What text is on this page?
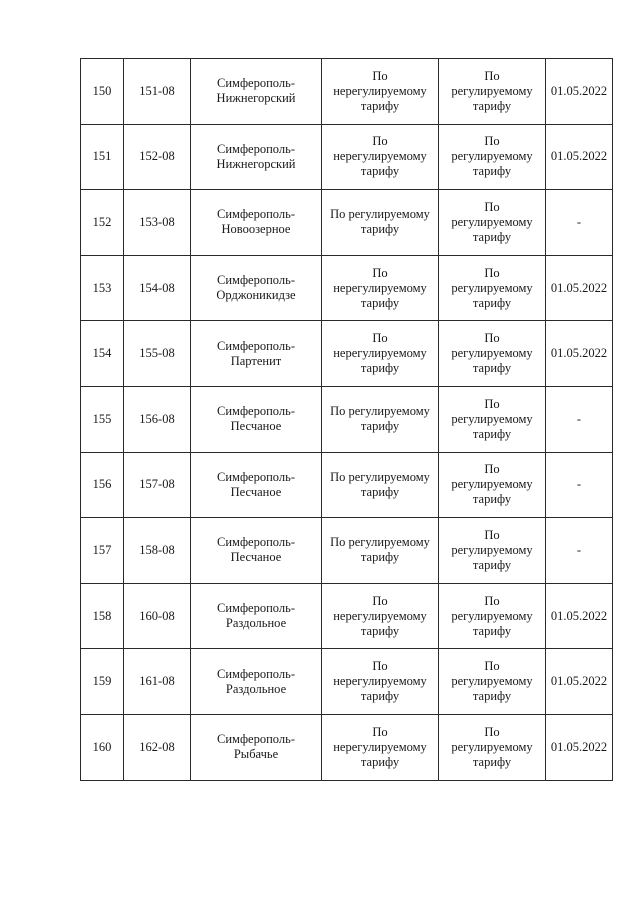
150	151-08	Симферополь-
Нижнегорский	По
нерегулируемому
тарифу	По
регулируемому
тарифу	01.05.2022
151	152-08	Симферополь-
Нижнегорский	По
нерегулируемому
тарифу	По
регулируемому
тарифу	01.05.2022
152	153-08	Симферополь-
Новоозерное	По регулируемому
тарифу	По
регулируемому
тарифу	-
153	154-08	Симферополь-
Орджоникидзе	По
нерегулируемому
тарифу	По
регулируемому
тарифу	01.05.2022
154	155-08	Симферополь-
Партенит	По
нерегулируемому
тарифу	По
регулируемому
тарифу	01.05.2022
155	156-08	Симферополь-
Песчаное	По регулируемому
тарифу	По
регулируемому
тарифу	-
156	157-08	Симферополь-
Песчаное	По регулируемому
тарифу	По
регулируемому
тарифу	-
157	158-08	Симферополь-
Песчаное	По регулируемому
тарифу	По
регулируемому
тарифу	-
158	160-08	Симферополь-
Раздольное	По
нерегулируемому
тарифу	По
регулируемому
тарифу	01.05.2022
159	161-08	Симферополь-
Раздольное	По
нерегулируемому
тарифу	По
регулируемому
тарифу	01.05.2022
160	162-08	Симферополь-
Рыбачье	По
нерегулируемому
тарифу	По
регулируемому
тарифу	01.05.2022
